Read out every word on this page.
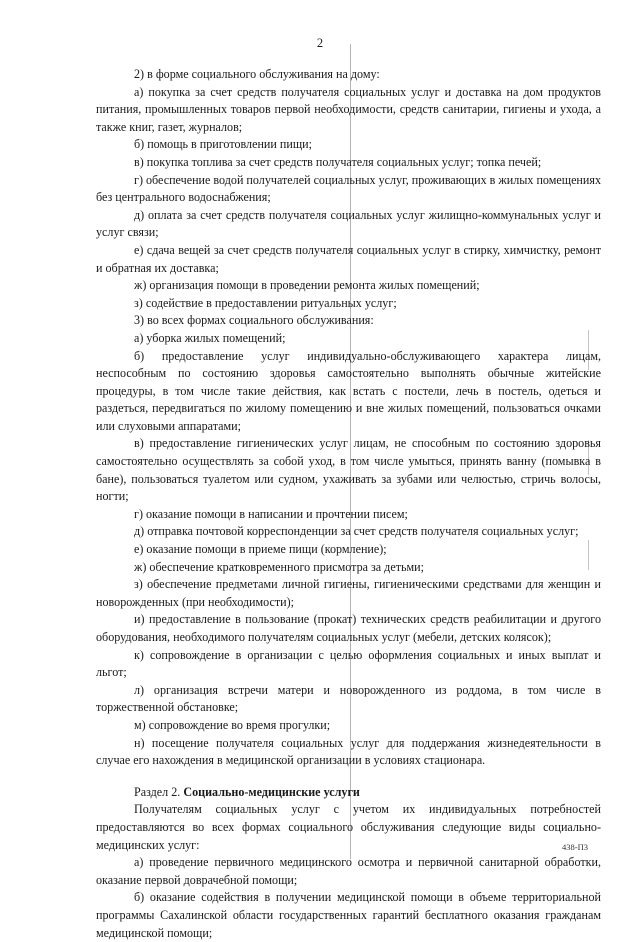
2

2) в форме социального обслуживания на дому:

а) покупка за счет средств получателя социальных услуг и доставка на дом продуктов питания, промышленных товаров первой необходимости, средств санитарии, гигиены и ухода, а также книг, газет, журналов;

б) помощь в приготовлении пищи;

в) покупка топлива за счет средств получателя социальных услуг; топка печей;

г) обеспечение водой получателей социальных услуг, проживающих в жилых помещениях без центрального водоснабжения;

д) оплата за счет средств получателя социальных услуг жилищно-коммунальных услуг и услуг связи;

е) сдача вещей за счет средств получателя социальных услуг в стирку, химчистку, ремонт и обратная их доставка;

ж) организация помощи в проведении ремонта жилых помещений;

з) содействие в предоставлении ритуальных услуг;

3) во всех формах социального обслуживания:

а) уборка жилых помещений;

б) предоставление услуг индивидуально-обслуживающего характера лицам, неспособным по состоянию здоровья самостоятельно выполнять обычные житейские процедуры, в том числе такие действия, как встать с постели, лечь в постель, одеться и раздеться, передвигаться по жилому помещению и вне жилых помещений, пользоваться очками или слуховыми аппаратами;

в) предоставление гигиенических услуг лицам, не способным по состоянию здоровья самостоятельно осуществлять за собой уход, в том числе умыться, принять ванну (помывка в бане), пользоваться туалетом или судном, ухаживать за зубами или челюстью, стричь волосы, ногти;

г) оказание помощи в написании и прочтении писем;

д) отправка почтовой корреспонденции за счет средств получателя социальных услуг;

е) оказание помощи в приеме пищи (кормление);

ж) обеспечение кратковременного присмотра за детьми;

з) обеспечение предметами личной гигиены, гигиеническими средствами для женщин и новорожденных (при необходимости);

и) предоставление в пользование (прокат) технических средств реабилитации и другого оборудования, необходимого получателям социальных услуг (мебели, детских колясок);

к) сопровождение в организации с целью оформления социальных и иных выплат и льгот;

л) организация встречи матери и новорожденного из роддома, в том числе в торжественной обстановке;

м) сопровождение во время прогулки;

н) посещение получателя социальных услуг для поддержания жизнедеятельности в случае его нахождения в медицинской организации в условиях стационара.

Раздел 2. Социально-медицинские услуги

Получателям социальных услуг с учетом их индивидуальных потребностей предоставляются во всех формах социального обслуживания следующие виды социально-медицинских услуг:

а) проведение первичного медицинского осмотра и первичной санитарной обработки, оказание первой доврачебной помощи;

б) оказание содействия в получении медицинской помощи в объеме территориальной программы Сахалинской области государственных гарантий бесплатного оказания гражданам медицинской помощи;

438-П3
